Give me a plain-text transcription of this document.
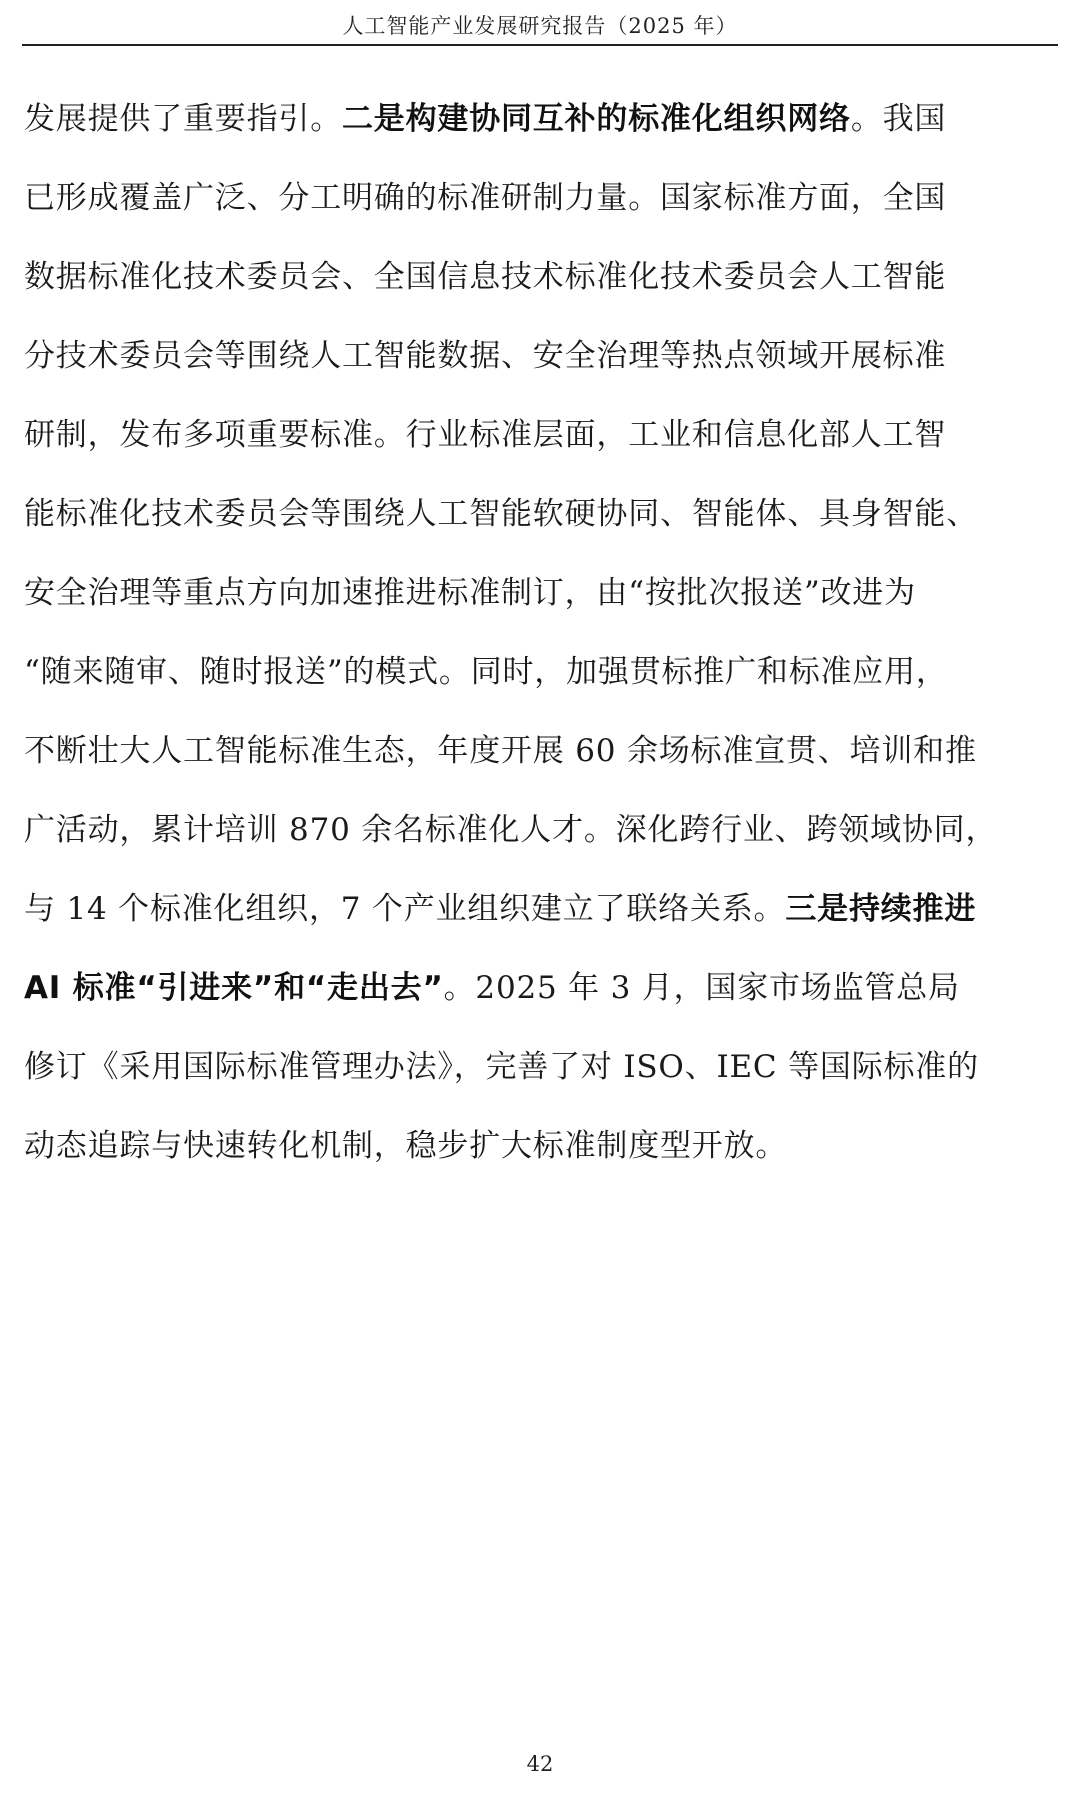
人工智能产业发展研究报告（2025 年）
发展提供了重要指引。二是构建协同互补的标准化组织网络。我国
已形成覆盖广泛、分工明确的标准研制力量。国家标准方面，全国
数据标准化技术委员会、全国信息技术标准化技术委员会人工智能
分技术委员会等围绕人工智能数据、安全治理等热点领域开展标准
研制，发布多项重要标准。行业标准层面，工业和信息化部人工智
能标准化技术委员会等围绕人工智能软硬协同、智能体、具身智能、
安全治理等重点方向加速推进标准制订，由“按批次报送”改进为
“随来随审、随时报送”的模式。同时，加强贯标推广和标准应用，
不断壮大人工智能标准生态，年度开展 60 余场标准宣贯、培训和推
广活动，累计培训 870 余名标准化人才。深化跨行业、跨领域协同，
与 14 个标准化组织，7 个产业组织建立了联络关系。三是持续推进
AI 标准“引进来”和“走出去”。2025 年 3 月，国家市场监管总局
修订《采用国际标准管理办法》，完善了对 ISO、IEC 等国际标准的
动态追踪与快速转化机制，稳步扩大标准制度型开放。
42
